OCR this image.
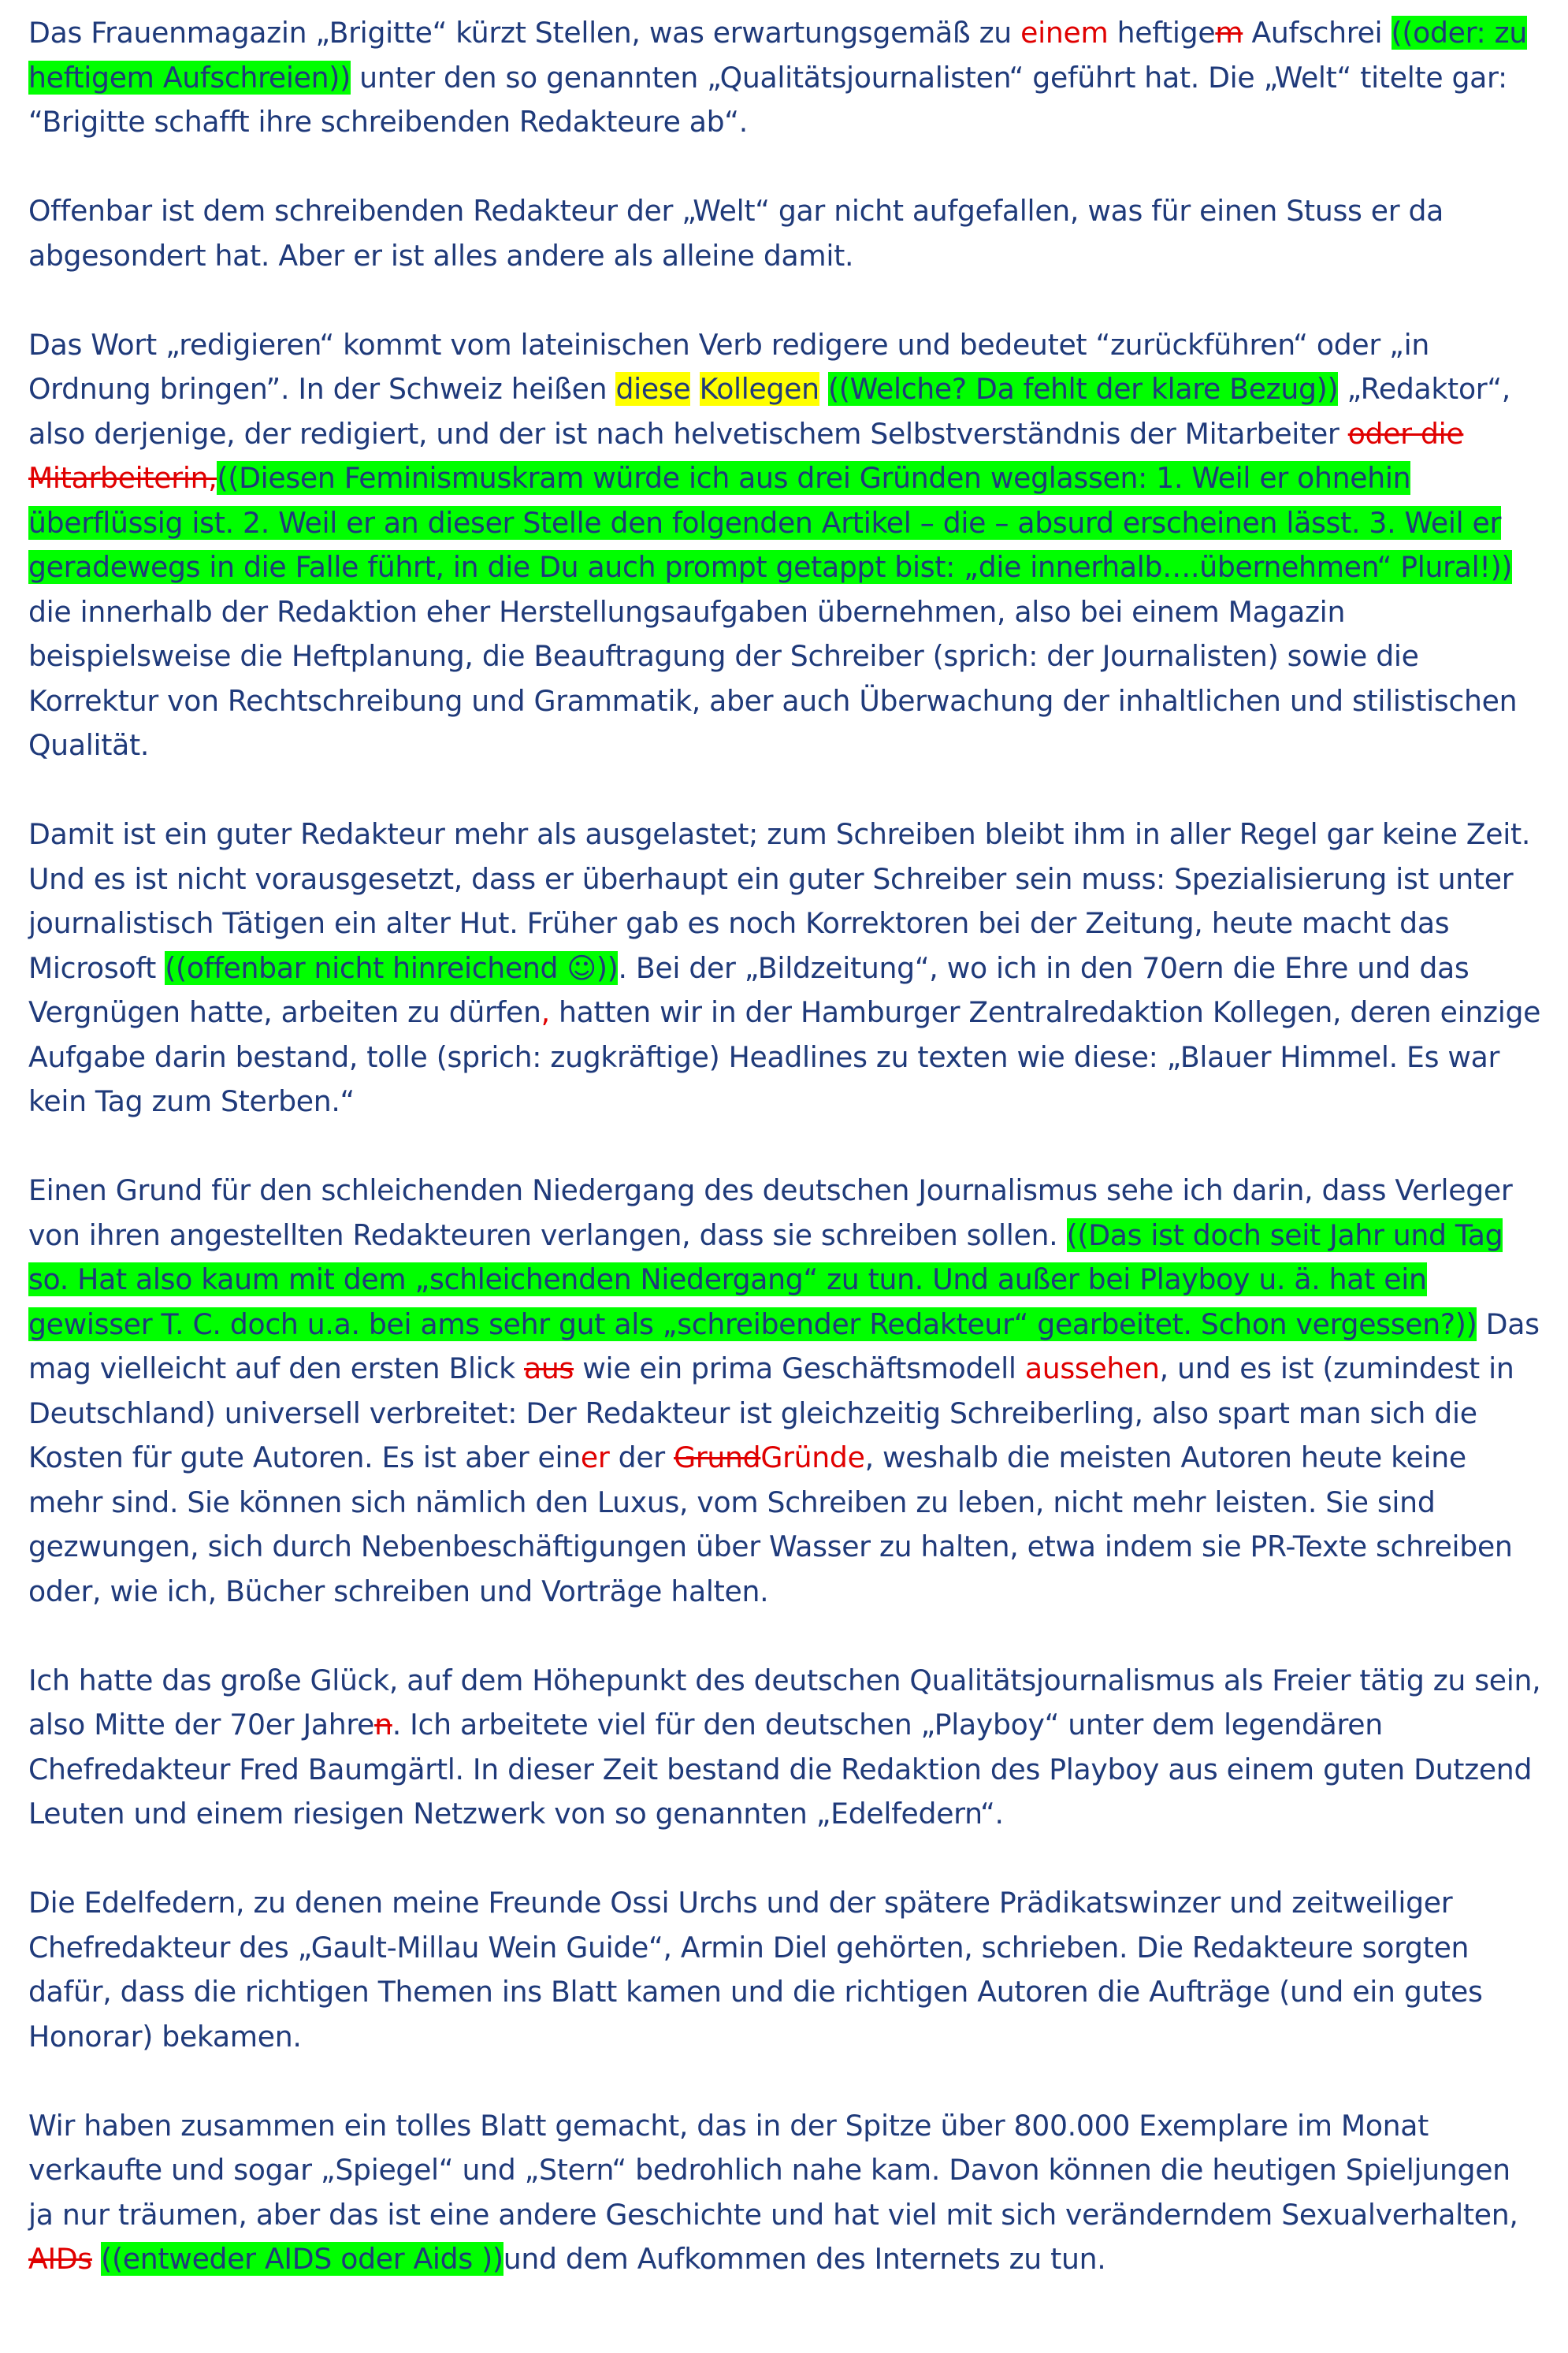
Das Frauenmagazin „Brigitte“ kürzt Stellen, was erwartungsgemäß zu einem heftigem Aufschrei ((oder: zu heftigem Aufschreien)) unter den so genannten „Qualitätsjournalisten“ geführt hat. Die „Welt“ titelte gar: “Brigitte schafft ihre schreibenden Redakteure ab“.

Offenbar ist dem schreibenden Redakteur der „Welt“ gar nicht aufgefallen, was für einen Stuss er da abgesondert hat. Aber er ist alles andere als alleine damit.

Das Wort „redigieren“ kommt vom lateinischen Verb redigere und bedeutet “zurückführen“ oder „in Ordnung bringen”. In der Schweiz heißen diese Kollegen ((Welche? Da fehlt der klare Bezug)) „Redaktor“, also derjenige, der redigiert, und der ist nach helvetischem Selbstverständnis der Mitarbeiter oder die Mitarbeiterin,((Diesen Feminismuskram würde ich aus drei Gründen weglassen: 1. Weil er ohnehin überflüssig ist. 2. Weil er an dieser Stelle den folgenden Artikel – die – absurd erscheinen lässt. 3. Weil er geradewegs in die Falle führt, in die Du auch prompt getappt bist: „die innerhalb….übernehmen“ Plural!)) die innerhalb der Redaktion eher Herstellungsaufgaben übernehmen, also bei einem Magazin beispielsweise die Heftplanung, die Beauftragung der Schreiber (sprich: der Journalisten) sowie die Korrektur von Rechtschreibung und Grammatik, aber auch Überwachung der inhaltlichen und stilistischen Qualität.

Damit ist ein guter Redakteur mehr als ausgelastet; zum Schreiben bleibt ihm in aller Regel gar keine Zeit. Und es ist nicht vorausgesetzt, dass er überhaupt ein guter Schreiber sein muss: Spezialisierung ist unter journalistisch Tätigen ein alter Hut. Früher gab es noch Korrektoren bei der Zeitung, heute macht das Microsoft ((offenbar nicht hinreichend ☺)). Bei der „Bildzeitung“, wo ich in den 70ern die Ehre und das Vergnügen hatte, arbeiten zu dürfen, hatten wir in der Hamburger Zentralredaktion Kollegen, deren einzige Aufgabe darin bestand, tolle (sprich: zugkräftige) Headlines zu texten wie diese: „Blauer Himmel. Es war kein Tag zum Sterben.“

Einen Grund für den schleichenden Niedergang des deutschen Journalismus sehe ich darin, dass Verleger von ihren angestellten Redakteuren verlangen, dass sie schreiben sollen. ((Das ist doch seit Jahr und Tag so. Hat also kaum mit dem „schleichenden Niedergang“ zu tun. Und außer bei Playboy u. ä. hat ein gewisser T. C. doch u.a. bei ams sehr gut als „schreibender Redakteur“ gearbeitet. Schon vergessen?)) Das mag vielleicht auf den ersten Blick aus wie ein prima Geschäftsmodell aussehen, und es ist (zumindest in Deutschland) universell verbreitet: Der Redakteur ist gleichzeitig Schreiberling, also spart man sich die Kosten für gute Autoren. Es ist aber einer der GrundGründe, weshalb die meisten Autoren heute keine mehr sind. Sie können sich nämlich den Luxus, vom Schreiben zu leben, nicht mehr leisten. Sie sind gezwungen, sich durch Nebenbeschäftigungen über Wasser zu halten, etwa indem sie PR-Texte schreiben oder, wie ich, Bücher schreiben und Vorträge halten.

Ich hatte das große Glück, auf dem Höhepunkt des deutschen Qualitätsjournalismus als Freier tätig zu sein, also Mitte der 70er Jahren. Ich arbeitete viel für den deutschen „Playboy“ unter dem legendären Chefredakteur Fred Baumgärtl. In dieser Zeit bestand die Redaktion des Playboy aus einem guten Dutzend Leuten und einem riesigen Netzwerk von so genannten „Edelfedern“.

Die Edelfedern, zu denen meine Freunde Ossi Urchs und der spätere Prädikatswinzer und zeitweiliger Chefredakteur des „Gault-Millau Wein Guide“, Armin Diel gehörten, schrieben. Die Redakteure sorgten dafür, dass die richtigen Themen ins Blatt kamen und die richtigen Autoren die Aufträge (und ein gutes Honorar) bekamen.

Wir haben zusammen ein tolles Blatt gemacht, das in der Spitze über 800.000 Exemplare im Monat verkaufte und sogar „Spiegel“ und „Stern“ bedrohlich nahe kam. Davon können die heutigen Spieljungen ja nur träumen, aber das ist eine andere Geschichte und hat viel mit sich veränderndem Sexualverhalten, AIDs ((entweder AIDS oder Aids ))und dem Aufkommen des Internets zu tun.
